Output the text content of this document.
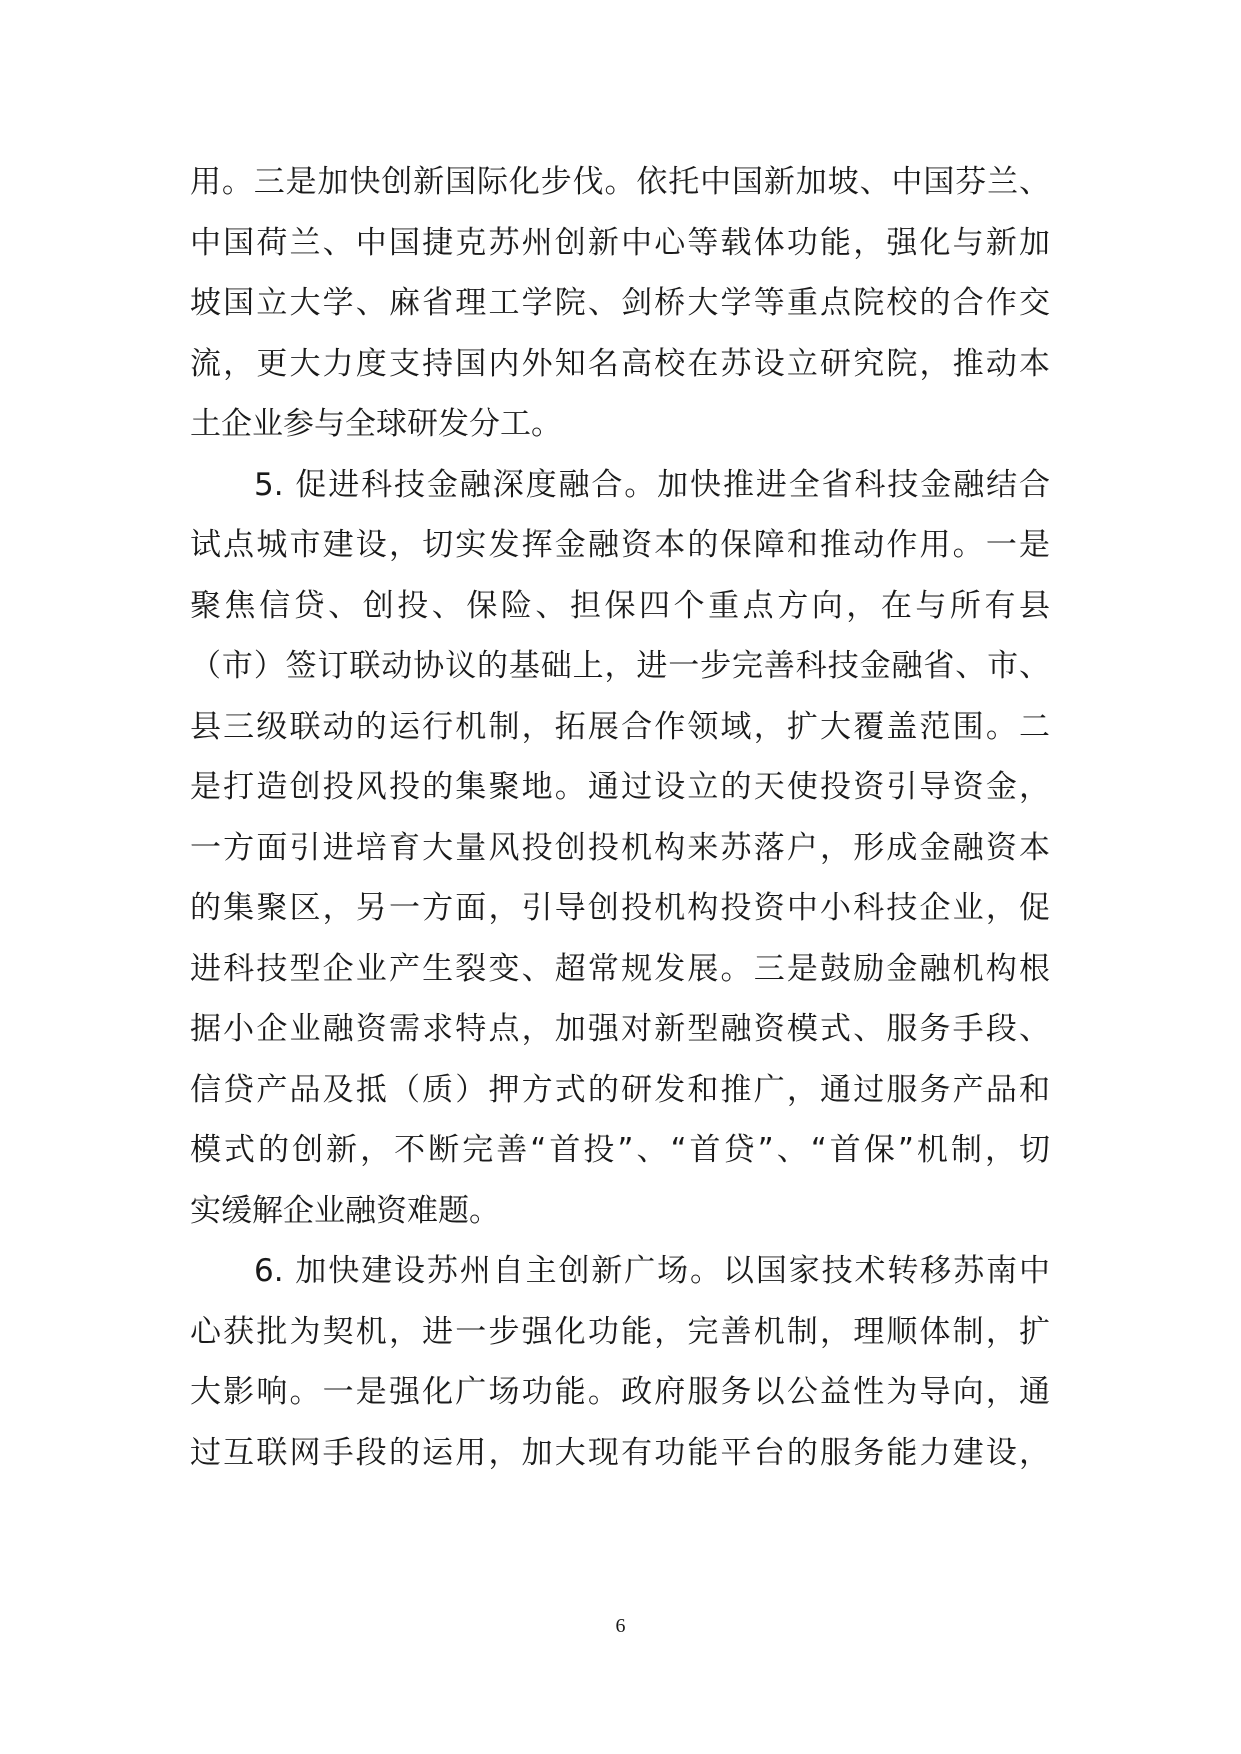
用。三是加快创新国际化步伐。依托中国新加坡、中国芬兰、
中国荷兰、中国捷克苏州创新中心等载体功能，强化与新加
坡国立大学、麻省理工学院、剑桥大学等重点院校的合作交
流，更大力度支持国内外知名高校在苏设立研究院，推动本
土企业参与全球研发分工。
5. 促进科技金融深度融合。加快推进全省科技金融结合
试点城市建设，切实发挥金融资本的保障和推动作用。一是
聚焦信贷、创投、保险、担保四个重点方向，在与所有县
（市）签订联动协议的基础上，进一步完善科技金融省、市、
县三级联动的运行机制，拓展合作领域，扩大覆盖范围。二
是打造创投风投的集聚地。通过设立的天使投资引导资金，
一方面引进培育大量风投创投机构来苏落户，形成金融资本
的集聚区，另一方面，引导创投机构投资中小科技企业，促
进科技型企业产生裂变、超常规发展。三是鼓励金融机构根
据小企业融资需求特点，加强对新型融资模式、服务手段、
信贷产品及抵（质）押方式的研发和推广，通过服务产品和
模式的创新，不断完善“首投”、“首贷”、“首保”机制，切
实缓解企业融资难题。
6. 加快建设苏州自主创新广场。以国家技术转移苏南中
心获批为契机，进一步强化功能，完善机制，理顺体制，扩
大影响。一是强化广场功能。政府服务以公益性为导向，通
过互联网手段的运用，加大现有功能平台的服务能力建设，
6
